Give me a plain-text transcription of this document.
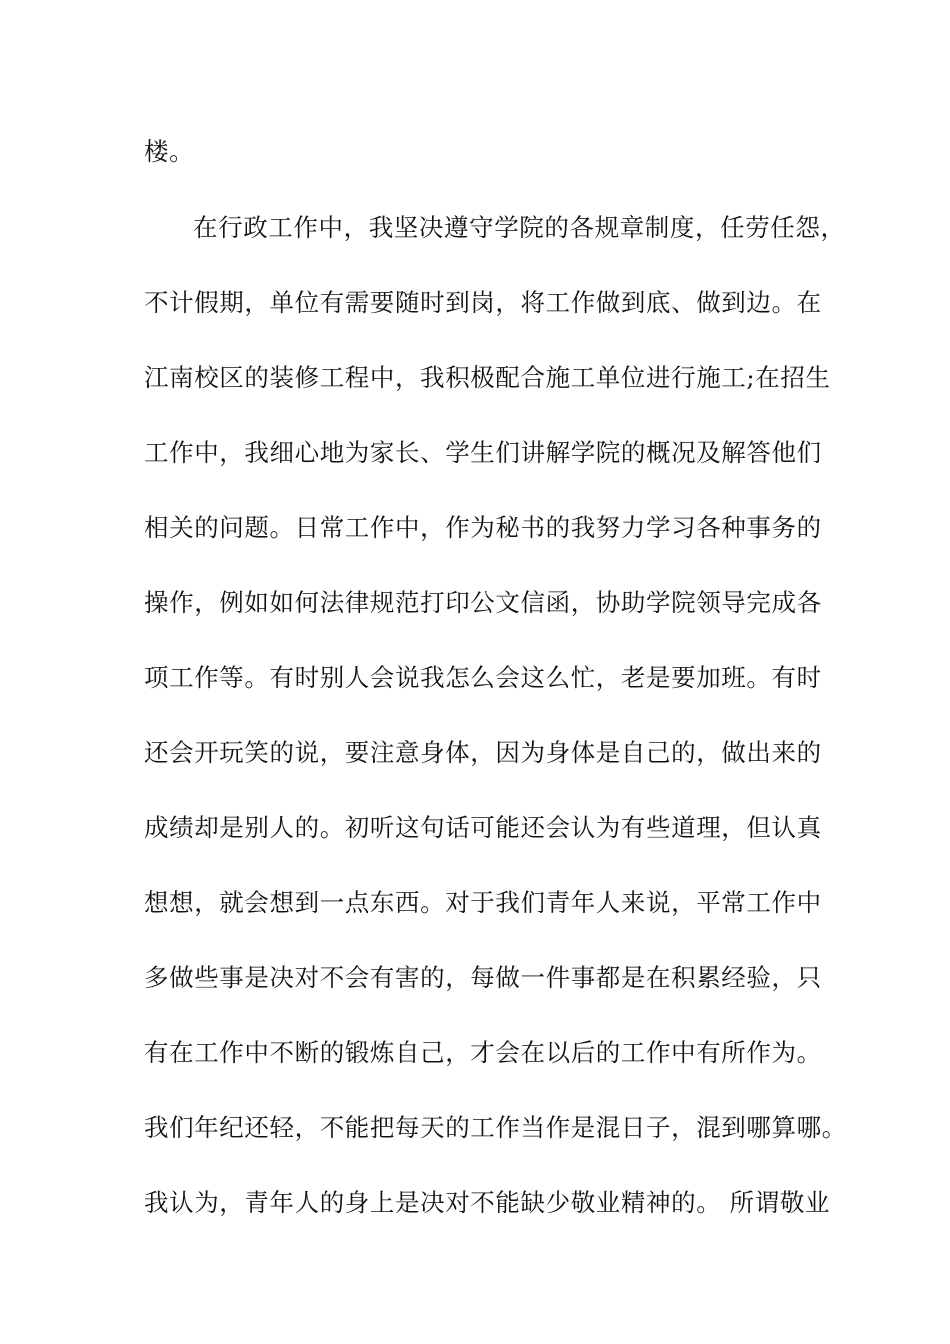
楼。
在行政工作中，我坚决遵守学院的各规章制度，任劳任怨，
不计假期，单位有需要随时到岗，将工作做到底、做到边。在
江南校区的装修工程中，我积极配合施工单位进行施工;在招生
工作中，我细心地为家长、学生们讲解学院的概况及解答他们
相关的问题。日常工作中，作为秘书的我努力学习各种事务的
操作，例如如何法律规范打印公文信函，协助学院领导完成各
项工作等。有时别人会说我怎么会这么忙，老是要加班。有时
还会开玩笑的说，要注意身体，因为身体是自己的，做出来的
成绩却是别人的。初听这句话可能还会认为有些道理，但认真
想想，就会想到一点东西。对于我们青年人来说，平常工作中
多做些事是决对不会有害的，每做一件事都是在积累经验，只
有在工作中不断的锻炼自己，才会在以后的工作中有所作为。
我们年纪还轻，不能把每天的工作当作是混日子，混到哪算哪。
我认为，青年人的身上是决对不能缺少敬业精神的。 所谓敬业
